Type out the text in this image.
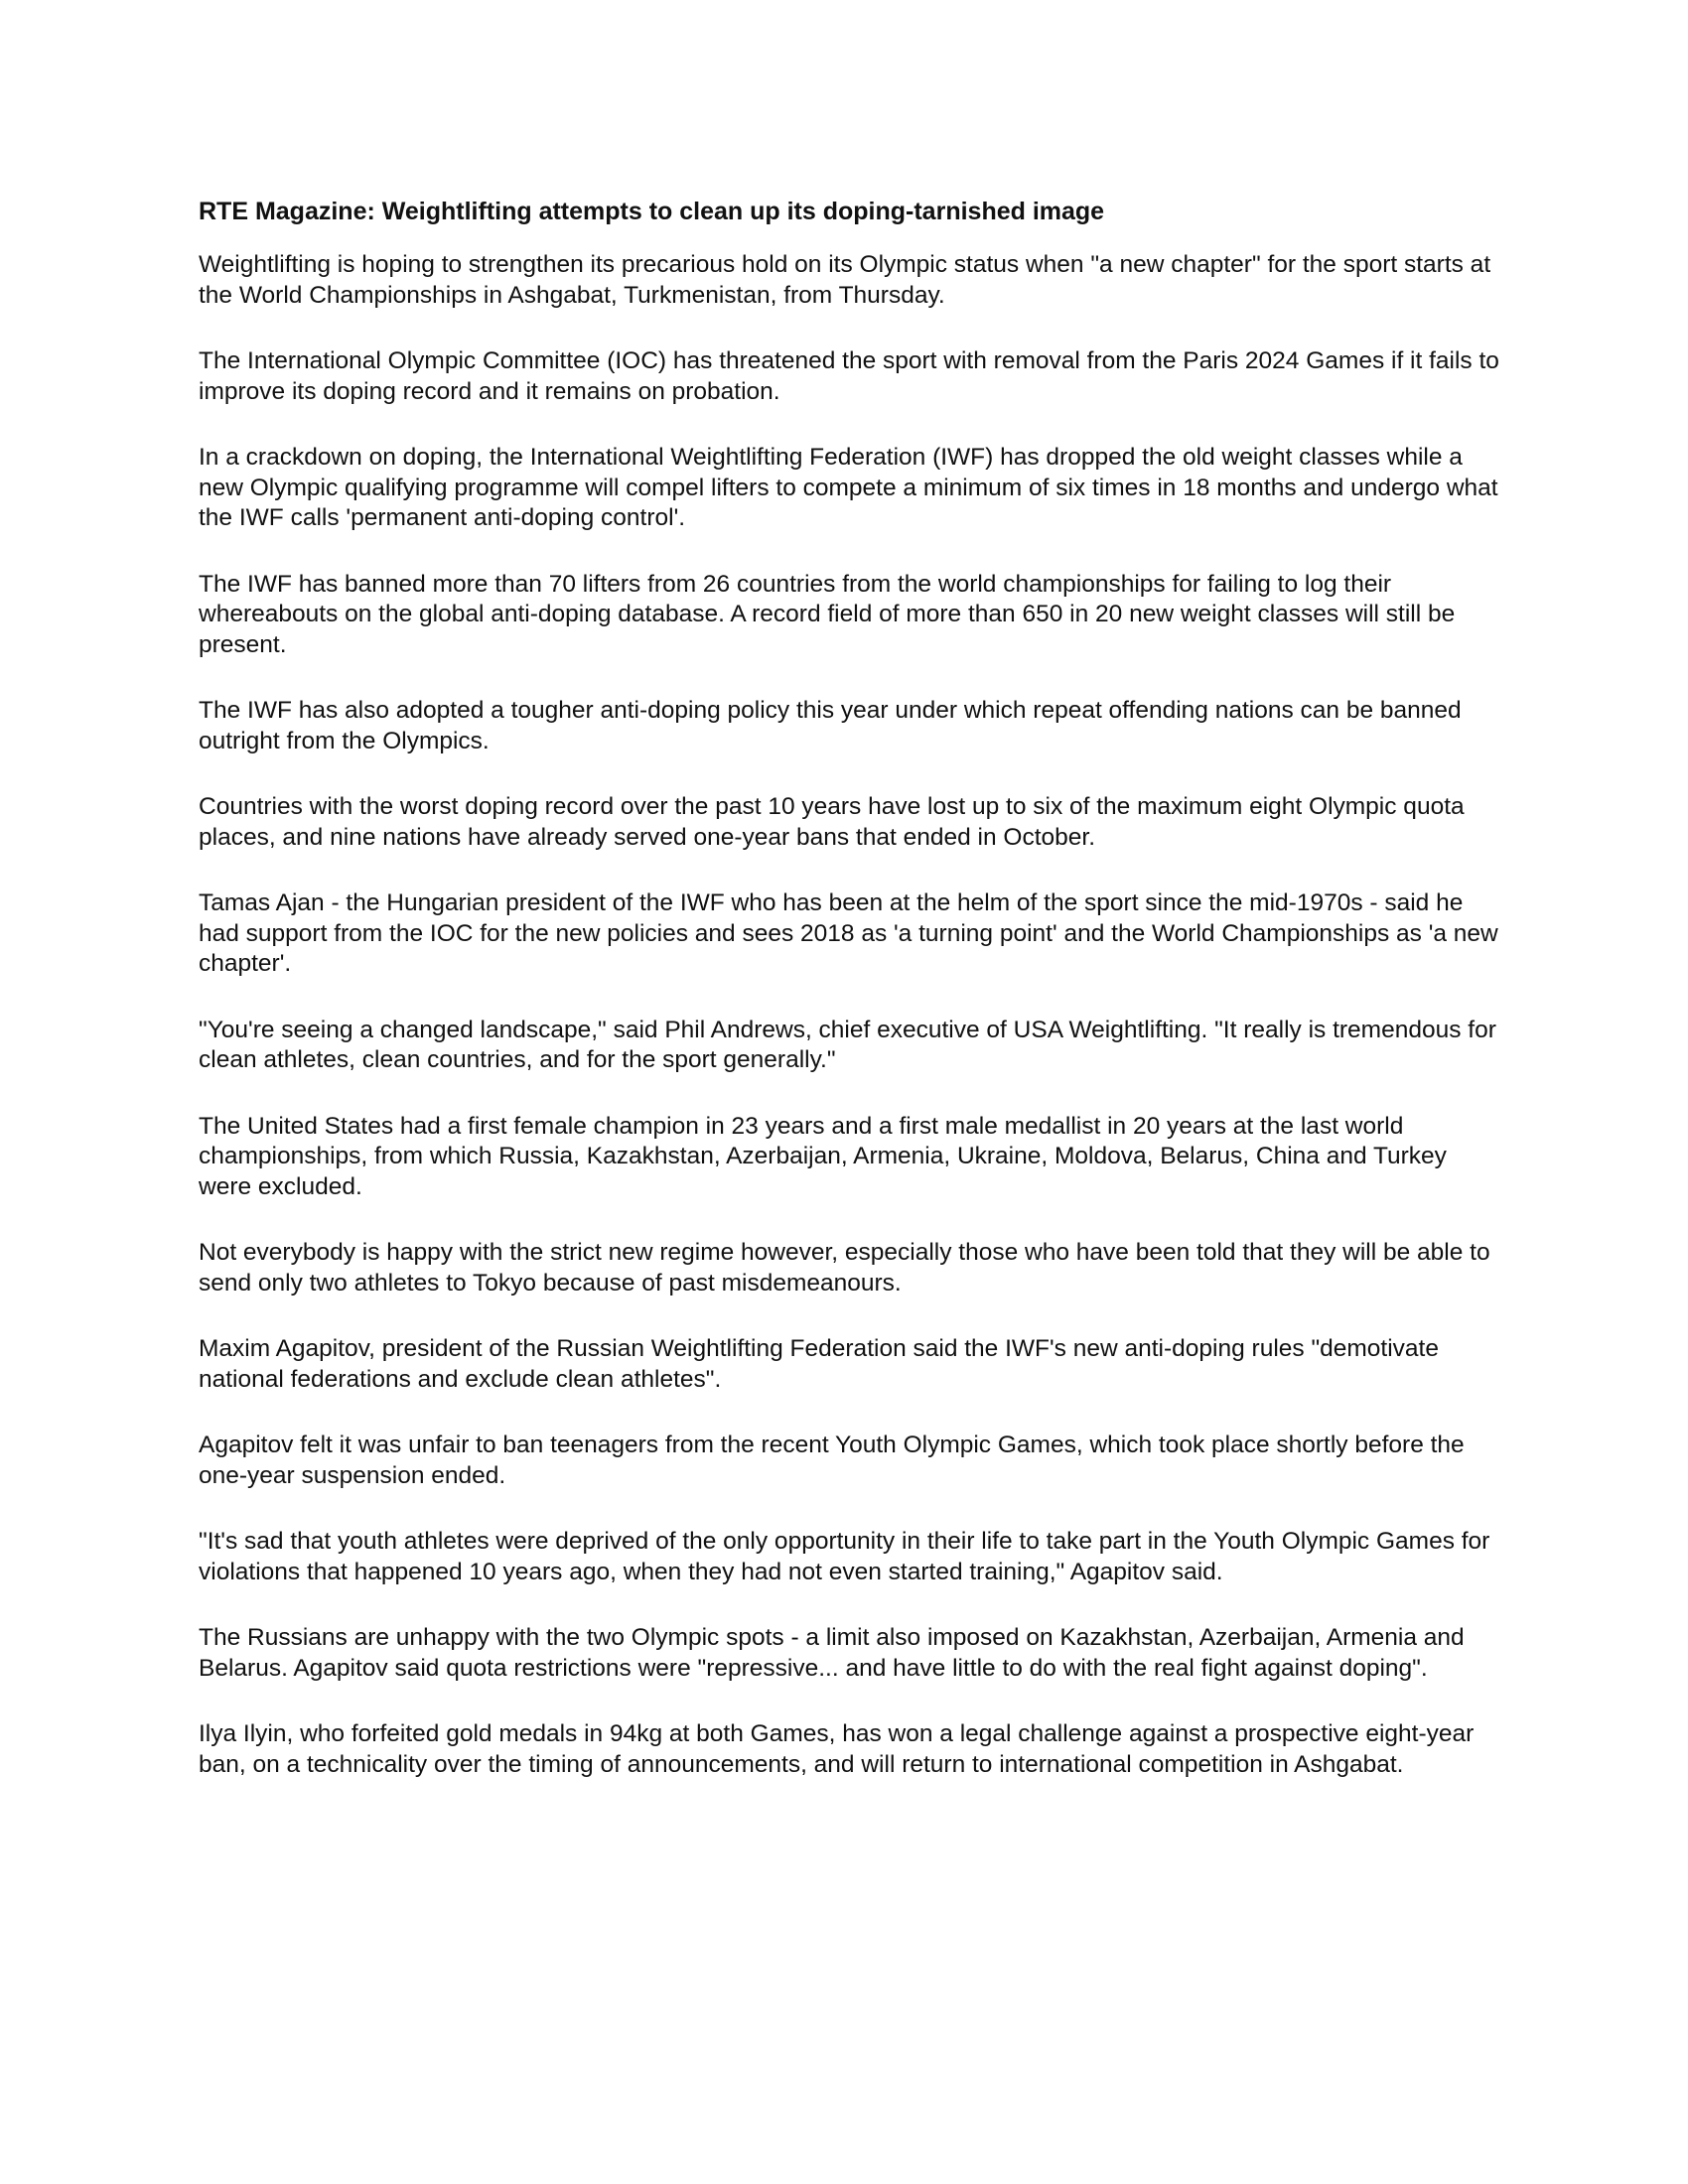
RTE Magazine: Weightlifting attempts to clean up its doping-tarnished image

Weightlifting is hoping to strengthen its precarious hold on its Olympic status when "a new chapter" for the sport starts at the World Championships in Ashgabat, Turkmenistan, from Thursday.

The International Olympic Committee (IOC) has threatened the sport with removal from the Paris 2024 Games if it fails to improve its doping record and it remains on probation.

In a crackdown on doping, the International Weightlifting Federation (IWF) has dropped the old weight classes while a new Olympic qualifying programme will compel lifters to compete a minimum of six times in 18 months and undergo what the IWF calls 'permanent anti-doping control'.

The IWF has banned more than 70 lifters from 26 countries from the world championships for failing to log their whereabouts on the global anti-doping database. A record field of more than 650 in 20 new weight classes will still be present.

The IWF has also adopted a tougher anti-doping policy this year under which repeat offending nations can be banned outright from the Olympics.

Countries with the worst doping record over the past 10 years have lost up to six of the maximum eight Olympic quota places, and nine nations have already served one-year bans that ended in October.

Tamas Ajan - the Hungarian president of the IWF who has been at the helm of the sport since the mid-1970s - said he had support from the IOC for the new policies and sees 2018 as 'a turning point' and the World Championships as 'a new chapter'.

"You're seeing a changed landscape," said Phil Andrews, chief executive of USA Weightlifting. "It really is tremendous for clean athletes, clean countries, and for the sport generally."

The United States had a first female champion in 23 years and a first male medallist in 20 years at the last world championships, from which Russia, Kazakhstan, Azerbaijan, Armenia, Ukraine, Moldova, Belarus, China and Turkey were excluded.

Not everybody is happy with the strict new regime however, especially those who have been told that they will be able to send only two athletes to Tokyo because of past misdemeanours.

Maxim Agapitov, president of the Russian Weightlifting Federation said the IWF's new anti-doping rules "demotivate national federations and exclude clean athletes".

Agapitov felt it was unfair to ban teenagers from the recent Youth Olympic Games, which took place shortly before the one-year suspension ended.

"It's sad that youth athletes were deprived of the only opportunity in their life to take part in the Youth Olympic Games for violations that happened 10 years ago, when they had not even started training," Agapitov said.

The Russians are unhappy with the two Olympic spots - a limit also imposed on Kazakhstan, Azerbaijan, Armenia and Belarus. Agapitov said quota restrictions were "repressive... and have little to do with the real fight against doping".

Ilya Ilyin, who forfeited gold medals in 94kg at both Games, has won a legal challenge against a prospective eight-year ban, on a technicality over the timing of announcements, and will return to international competition in Ashgabat.
